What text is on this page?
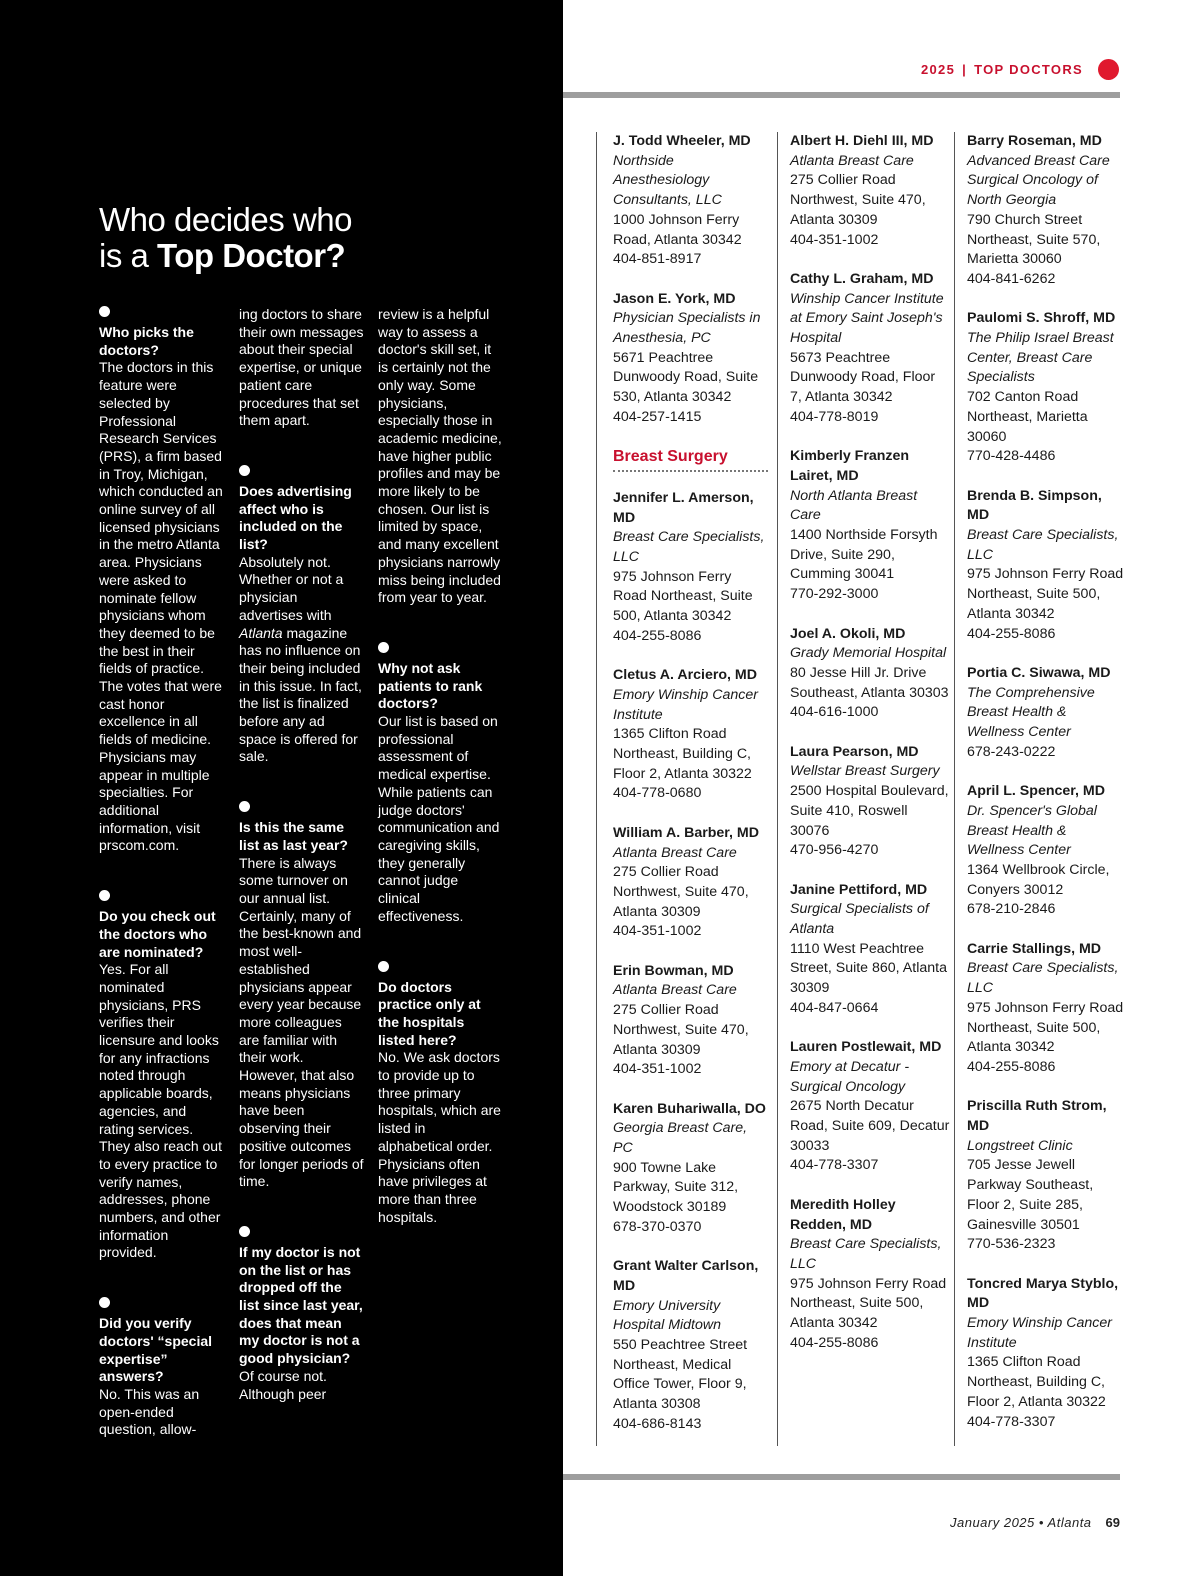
Who decides who
is a Top Doctor?
Who picks the doctors?
The doctors in this feature were selected by Professional Research Services (PRS), a firm based in Troy, Michigan, which conducted an online survey of all licensed physicians in the metro Atlanta area. Physicians were asked to nominate fellow physicians whom they deemed to be the best in their fields of practice. The votes that were cast honor excellence in all fields of medicine. Physicians may appear in multiple specialties. For additional information, visit prscom.com.
Do you check out the doctors who are nominated?
Yes. For all nominated physicians, PRS verifies their licensure and looks for any infractions noted through applicable boards, agencies, and rating services. They also reach out to every practice to verify names, addresses, phone numbers, and other information provided.
Did you verify doctors' “special expertise” answers?
No. This was an open-ended question, allow-
ing doctors to share their own messages about their special expertise, or unique patient care procedures that set them apart.
Does advertising affect who is included on the list?
Absolutely not. Whether or not a physician advertises with Atlanta magazine has no influence on their being included in this issue. In fact, the list is finalized before any ad space is offered for sale.
Is this the same list as last year?
There is always some turnover on our annual list. Certainly, many of the best-known and most well-established physicians appear every year because more colleagues are familiar with their work. However, that also means physicians have been observing their positive outcomes for longer periods of time.
If my doctor is not on the list or has dropped off the list since last year, does that mean my doctor is not a good physician?
Of course not. Although peer
review is a helpful way to assess a doctor's skill set, it is certainly not the only way. Some physicians, especially those in academic medicine, have higher public profiles and may be more likely to be chosen. Our list is limited by space, and many excellent physicians narrowly miss being included from year to year.
Why not ask patients to rank doctors?
Our list is based on professional assessment of medical expertise. While patients can judge doctors' communication and caregiving skills, they generally cannot judge clinical effectiveness.
Do doctors practice only at the hospitals listed here?
No. We ask doctors to provide up to three primary hospitals, which are listed in alphabetical order. Physicians often have privileges at more than three hospitals.
2025 | TOP DOCTORS
J. Todd Wheeler, MD
Northside Anesthesiology Consultants, LLC
1000 Johnson Ferry Road, Atlanta 30342
404-851-8917
Jason E. York, MD
Physician Specialists in Anesthesia, PC
5671 Peachtree Dunwoody Road, Suite 530, Atlanta 30342
404-257-1415
Breast Surgery
Jennifer L. Amerson, MD
Breast Care Specialists, LLC
975 Johnson Ferry Road Northeast, Suite 500, Atlanta 30342
404-255-8086
Cletus A. Arciero, MD
Emory Winship Cancer Institute
1365 Clifton Road Northeast, Building C, Floor 2, Atlanta 30322
404-778-0680
William A. Barber, MD
Atlanta Breast Care
275 Collier Road Northwest, Suite 470, Atlanta 30309
404-351-1002
Erin Bowman, MD
Atlanta Breast Care
275 Collier Road Northwest, Suite 470, Atlanta 30309
404-351-1002
Karen Buhariwalla, DO
Georgia Breast Care, PC
900 Towne Lake Parkway, Suite 312, Woodstock 30189
678-370-0370
Grant Walter Carlson, MD
Emory University Hospital Midtown
550 Peachtree Street Northeast, Medical Office Tower, Floor 9, Atlanta 30308
404-686-8143
Albert H. Diehl III, MD
Atlanta Breast Care
275 Collier Road Northwest, Suite 470, Atlanta 30309
404-351-1002
Cathy L. Graham, MD
Winship Cancer Institute at Emory Saint Joseph's Hospital
5673 Peachtree Dunwoody Road, Floor 7, Atlanta 30342
404-778-8019
Kimberly Franzen Lairet, MD
North Atlanta Breast Care
1400 Northside Forsyth Drive, Suite 290, Cumming 30041
770-292-3000
Joel A. Okoli, MD
Grady Memorial Hospital
80 Jesse Hill Jr. Drive Southeast, Atlanta 30303
404-616-1000
Laura Pearson, MD
Wellstar Breast Surgery
2500 Hospital Boulevard, Suite 410, Roswell 30076
470-956-4270
Janine Pettiford, MD
Surgical Specialists of Atlanta
1110 West Peachtree Street, Suite 860, Atlanta 30309
404-847-0664
Lauren Postlewait, MD
Emory at Decatur - Surgical Oncology
2675 North Decatur Road, Suite 609, Decatur 30033
404-778-3307
Meredith Holley Redden, MD
Breast Care Specialists, LLC
975 Johnson Ferry Road Northeast, Suite 500, Atlanta 30342
404-255-8086
Barry Roseman, MD
Advanced Breast Care Surgical Oncology of North Georgia
790 Church Street Northeast, Suite 570, Marietta 30060
404-841-6262
Paulomi S. Shroff, MD
The Philip Israel Breast Center, Breast Care Specialists
702 Canton Road Northeast, Marietta 30060
770-428-4486
Brenda B. Simpson, MD
Breast Care Specialists, LLC
975 Johnson Ferry Road Northeast, Suite 500, Atlanta 30342
404-255-8086
Portia C. Siwawa, MD
The Comprehensive Breast Health & Wellness Center
678-243-0222
April L. Spencer, MD
Dr. Spencer's Global Breast Health & Wellness Center
1364 Wellbrook Circle, Conyers 30012
678-210-2846
Carrie Stallings, MD
Breast Care Specialists, LLC
975 Johnson Ferry Road Northeast, Suite 500, Atlanta 30342
404-255-8086
Priscilla Ruth Strom, MD
Longstreet Clinic
705 Jesse Jewell Parkway Southeast, Floor 2, Suite 285, Gainesville 30501
770-536-2323
Toncred Marya Styblo, MD
Emory Winship Cancer Institute
1365 Clifton Road Northeast, Building C, Floor 2, Atlanta 30322
404-778-3307
January 2025 • Atlanta 69
